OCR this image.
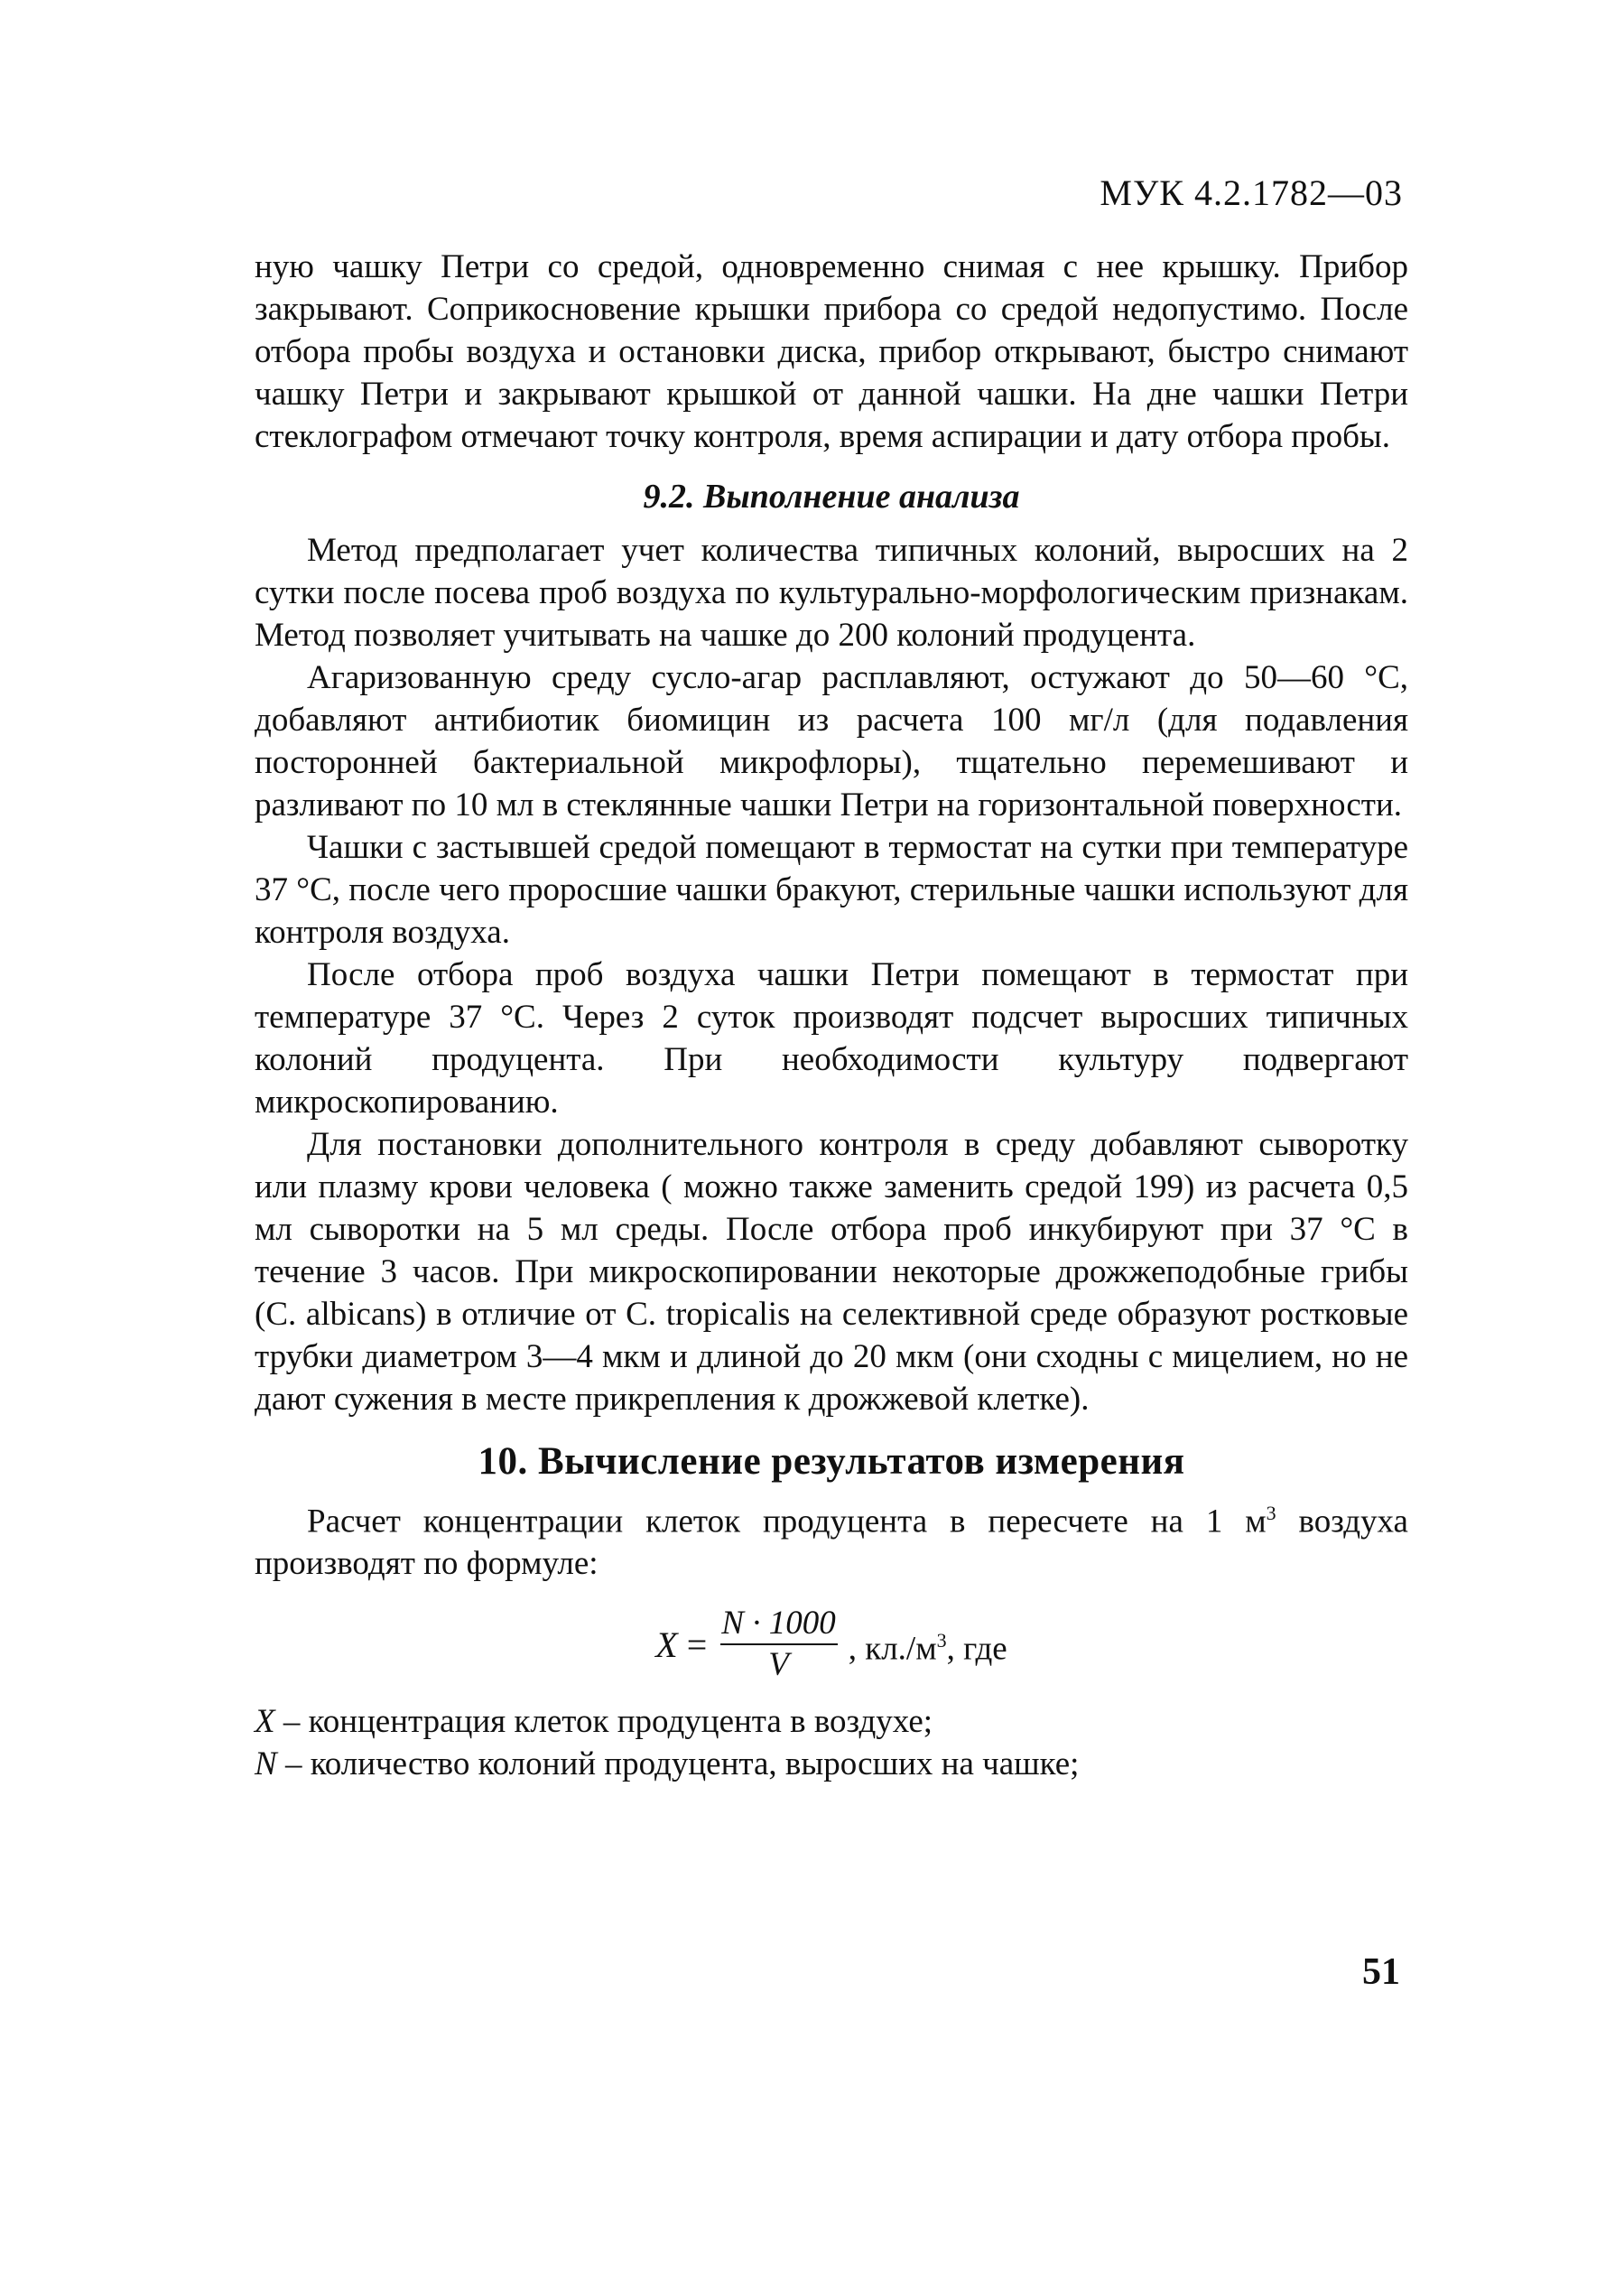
МУК 4.2.1782—03

ную чашку Петри со средой, одновременно снимая с нее крышку. Прибор закрывают. Соприкосновение крышки прибора со средой недопустимо. После отбора пробы воздуха и остановки диска, прибор открывают, быстро снимают чашку Петри и закрывают крышкой от данной чашки. На дне чашки Петри стеклографом отмечают точку контроля, время аспирации и дату отбора пробы.

9.2. Выполнение анализа

Метод предполагает учет количества типичных колоний, выросших на 2 сутки после посева проб воздуха по культурально-морфологическим признакам. Метод позволяет учитывать на чашке до 200 колоний продуцента.

Агаризованную среду сусло-агар расплавляют, остужают до 50—60 °С, добавляют антибиотик биомицин из расчета 100 мг/л (для подавления посторонней бактериальной микрофлоры), тщательно перемешивают и разливают по 10 мл в стеклянные чашки Петри на горизонтальной поверхности.

Чашки с застывшей средой помещают в термостат на сутки при температуре 37 °С, после чего проросшие чашки бракуют, стерильные чашки используют для контроля воздуха.

После отбора проб воздуха чашки Петри помещают в термостат при температуре 37 °С. Через 2 суток производят подсчет выросших типичных колоний продуцента. При необходимости культуру подвергают микроскопированию.

Для постановки дополнительного контроля в среду добавляют сыворотку или плазму крови человека ( можно также заменить средой 199) из расчета 0,5 мл сыворотки на 5 мл среды. После отбора проб инкубируют при 37 °С в течение 3 часов. При микроскопировании некоторые дрожжеподобные грибы (С. albicans) в отличие от С. tropicalis на селективной среде образуют ростковые трубки диаметром 3—4 мкм и длиной до 20 мкм (они сходны с мицелием, но не дают сужения в месте прикрепления к дрожжевой клетке).

10. Вычисление результатов измерения

Расчет концентрации клеток продуцента в пересчете на 1 $м^3$ воздуха производят по формуле:

$X = \frac{N \cdot 1000}{V}$ , $кл./м^3$, где

X – концентрация клеток продуцента в воздухе;

N – количество колоний продуцента, выросших на чашке;

51
